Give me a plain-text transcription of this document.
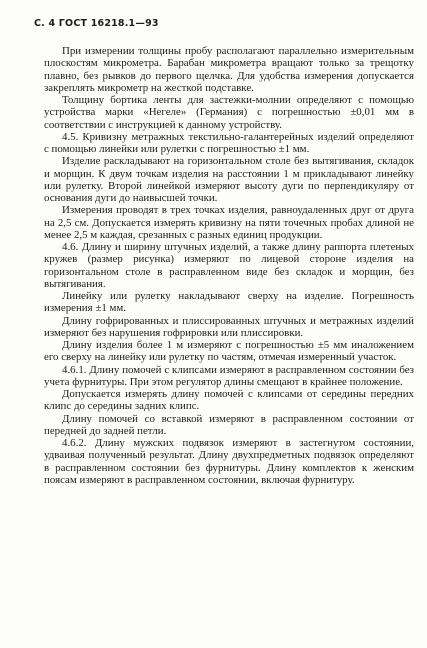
С. 4 ГОСТ 16218.1—93

При измерении толщины пробу располагают параллельно измерительным плоскостям микрометра. Барабан микрометра вращают только за трещотку плавно, без рывков до первого щелчка. Для удобства измерения допускается закреплять микрометр на жесткой подставке.

Толщину бортика ленты для застежки-молнии определяют с помощью устройства марки «Негеле» (Германия) с погрешностью ±0,01 мм в соответствии с инструкцией к данному устройству.

4.5. Кривизну метражных текстильно-галантерейных изделий определяют с помощью линейки или рулетки с погрешностью ±1 мм.

Изделие раскладывают на горизонтальном столе без вытягивания, складок и морщин. К двум точкам изделия на расстоянии 1 м прикладывают линейку или рулетку. Второй линейкой измеряют высоту дуги по перпендикуляру от основания дуги до наивысшей точки.

Измерения проводят в трех точках изделия, равноудаленных друг от друга на 2,5 см. Допускается измерять кривизну на пяти точечных пробах длиной не менее 2,5 м каждая, срезанных с разных единиц продукции.

4.6. Длину и ширину штучных изделий, а также длину раппорта плетеных кружев (размер рисунка) измеряют по лицевой стороне изделия на горизонтальном столе в расправленном виде без складок и морщин, без вытягивания.

Линейку или рулетку накладывают сверху на изделие. Погрешность измерения ±1 мм.

Длину гофрированных и плиссированных штучных и метражных изделий измеряют без нарушения гофрировки или плиссировки.

Длину изделия более 1 м измеряют с погрешностью ±5 мм иналожением его сверху на линейку или рулетку по частям, отмечая измеренный участок.

4.6.1. Длину помочей с клипсами измеряют в расправленном состоянии без учета фурнитуры. При этом регулятор длины смещают в крайнее положение.

Допускается измерять длину помочей с клипсами от середины передних клипс до середины задних клипс.

Длину помочей со вставкой измеряют в расправленном состоянии от передней до задней петли.

4.6.2. Длину мужских подвязок измеряют в застегнутом состоянии, удваивая полученный результат. Длину двухпредметных подвязок определяют в расправленном состоянии без фурнитуры. Длину комплектов к женским поясам измеряют в расправленном состоянии, включая фурнитуру.
